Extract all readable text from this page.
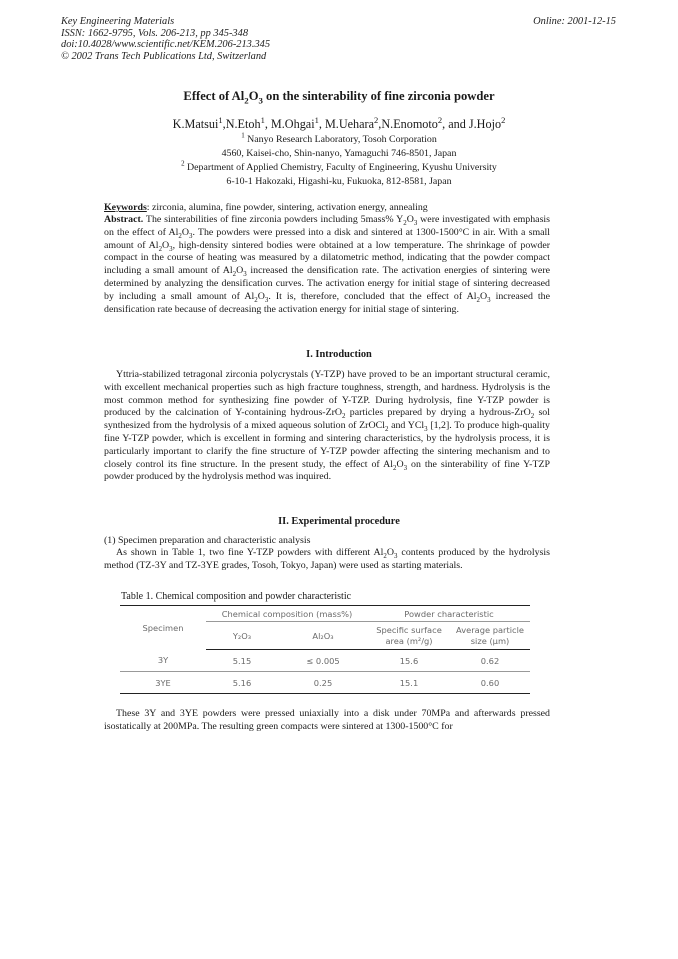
Key Engineering Materials
ISSN: 1662-9795, Vols. 206-213, pp 345-348
doi:10.4028/www.scientific.net/KEM.206-213.345
© 2002 Trans Tech Publications Ltd, Switzerland
Online: 2001-12-15
Effect of $Al_2O_3$ on the sinterability of fine zirconia powder
K.Matsui$^1$,N.Etoh$^1$, M.Ohgai$^1$, M.Uehara$^2$,N.Enomoto$^2$, and J.Hojo$^2$
$^1$ Nanyo Research Laboratory, Tosoh Corporation
4560, Kaisei-cho, Shin-nanyo, Yamaguchi 746-8501, Japan
$^2$ Department of Applied Chemistry, Faculty of Engineering, Kyushu University
6-10-1 Hakozaki, Higashi-ku, Fukuoka, 812-8581, Japan
Keywords: zirconia, alumina, fine powder, sintering, activation energy, annealing
Abstract. The sinterabilities of fine zirconia powders including 5mass% $Y_2O_3$ were investigated with emphasis on the effect of $Al_2O_3$. The powders were pressed into a disk and sintered at 1300-1500°C in air. With a small amount of $Al_2O_3$, high-density sintered bodies were obtained at a low temperature. The shrinkage of powder compact in the course of heating was measured by a dilatometric method, indicating that the powder compact including a small amount of $Al_2O_3$ increased the densification rate. The activation energies of sintering were determined by analyzing the densification curves. The activation energy for initial stage of sintering decreased by including a small amount of $Al_2O_3$. It is, therefore, concluded that the effect of $Al_2O_3$ increased the densification rate because of decreasing the activation energy for initial stage of sintering.
I. Introduction
Yttria-stabilized tetragonal zirconia polycrystals (Y-TZP) have proved to be an important structural ceramic, with excellent mechanical properties such as high fracture toughness, strength, and hardness. Hydrolysis is the most common method for synthesizing fine powder of Y-TZP. During hydrolysis, fine Y-TZP powder is produced by the calcination of Y-containing hydrous-ZrO$_2$ particles prepared by drying a hydrous-ZrO$_2$ sol synthesized from the hydrolysis of a mixed aqueous solution of ZrOCl$_2$ and YCl$_3$ [1,2]. To produce high-quality fine Y-TZP powder, which is excellent in forming and sintering characteristics, by the hydrolysis process, it is particularly important to clarify the fine structure of Y-TZP powder affecting the sintering mechanism and to closely control its fine structure. In the present study, the effect of $Al_2O_3$ on the sinterability of fine Y-TZP powder produced by the hydrolysis method was inquired.
II. Experimental procedure
(1) Specimen preparation and characteristic analysis
As shown in Table 1, two fine Y-TZP powders with different $Al_2O_3$ contents produced by the hydrolysis method (TZ-3Y and TZ-3YE grades, Tosoh, Tokyo, Japan) were used as starting materials.
Table 1. Chemical composition and powder characteristic
Specimen	Chemical composition (mass%)		Powder characteristic	
	Y₂O₃	Al₂O₃	Specific surface area (m²/g)	Average particle size (μm)
3Y	5.15	≤ 0.005	15.6	0.62
3YE	5.16	0.25	15.1	0.60
These 3Y and 3YE powders were pressed uniaxially into a disk under 70MPa and afterwards pressed isostatically at 200MPa. The resulting green compacts were sintered at 1300-1500°C for
